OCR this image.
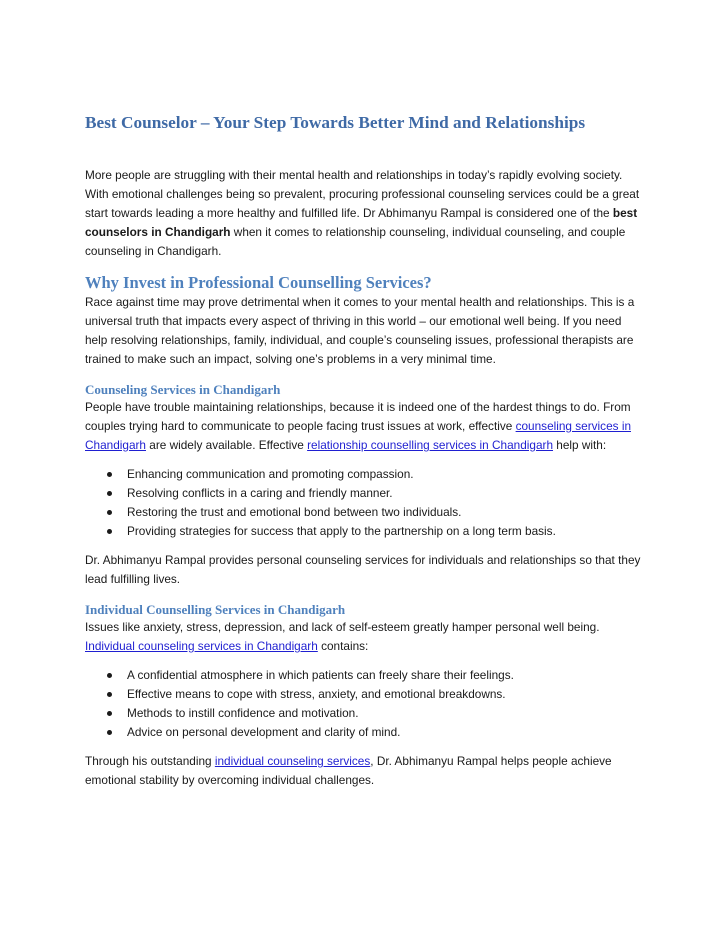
Best Counselor – Your Step Towards Better Mind and Relationships

More people are struggling with their mental health and relationships in today’s rapidly evolving society. With emotional challenges being so prevalent, procuring professional counseling services could be a great start towards leading a more healthy and fulfilled life. Dr Abhimanyu Rampal is considered one of the best counselors in Chandigarh when it comes to relationship counseling, individual counseling, and couple counseling in Chandigarh.

Why Invest in Professional Counselling Services?

Race against time may prove detrimental when it comes to your mental health and relationships. This is a universal truth that impacts every aspect of thriving in this world – our emotional well being. If you need help resolving relationships, family, individual, and couple’s counseling issues, professional therapists are trained to make such an impact, solving one’s problems in a very minimal time.

Counseling Services in Chandigarh

People have trouble maintaining relationships, because it is indeed one of the hardest things to do. From couples trying hard to communicate to people facing trust issues at work, effective counseling services in Chandigarh are widely available. Effective relationship counselling services in Chandigarh help with:

Enhancing communication and promoting compassion.
Resolving conflicts in a caring and friendly manner.
Restoring the trust and emotional bond between two individuals.
Providing strategies for success that apply to the partnership on a long term basis.

Dr. Abhimanyu Rampal provides personal counseling services for individuals and relationships so that they lead fulfilling lives.

Individual Counselling Services in Chandigarh

Issues like anxiety, stress, depression, and lack of self-esteem greatly hamper personal well being.
Individual counseling services in Chandigarh contains:

A confidential atmosphere in which patients can freely share their feelings.
Effective means to cope with stress, anxiety, and emotional breakdowns.
Methods to instill confidence and motivation.
Advice on personal development and clarity of mind.

Through his outstanding individual counseling services, Dr. Abhimanyu Rampal helps people achieve emotional stability by overcoming individual challenges.
